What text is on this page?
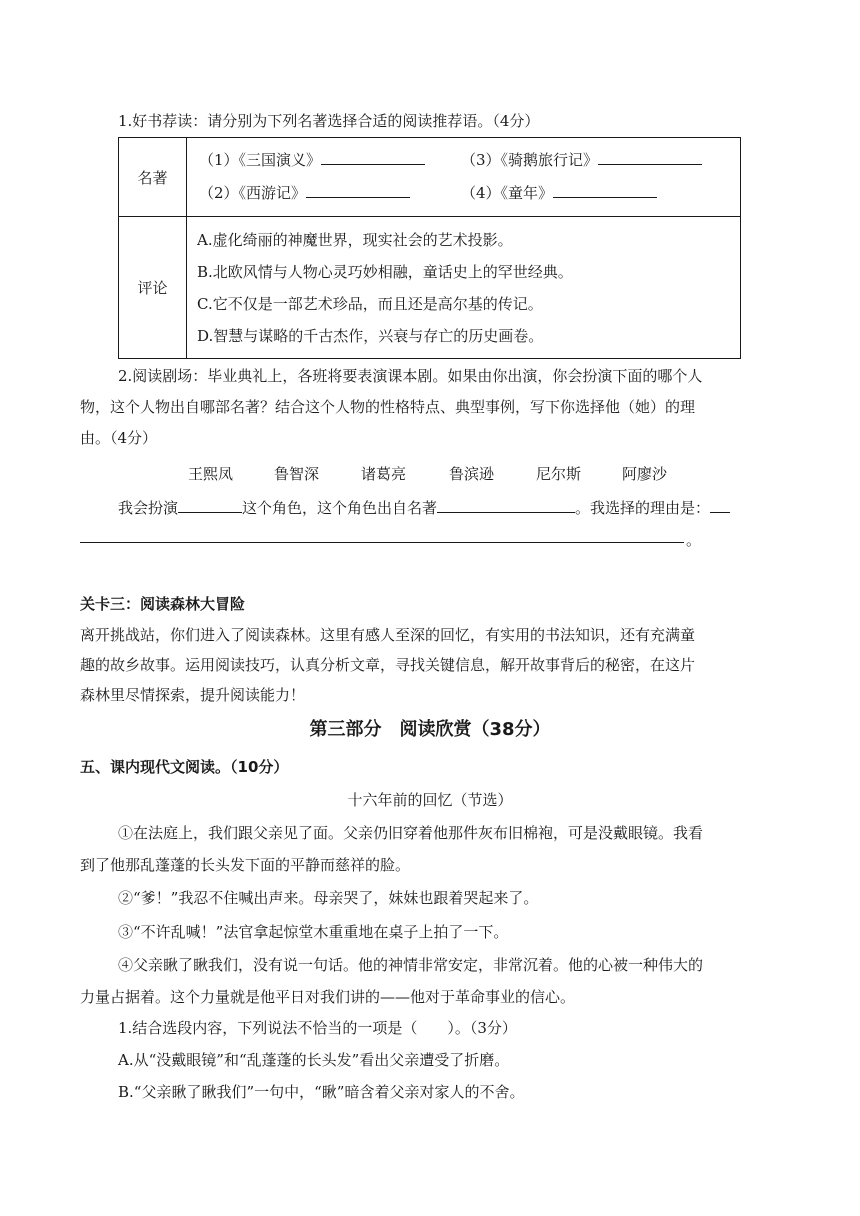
1.好书荐读：请分别为下列名著选择合适的阅读推荐语。（4分）
名著	（1）《三国演义》 （3）《骑鹅旅行记》
（2）《西游记》 （4）《童年》

评论	A.虚化绮丽的神魔世界，现实社会的艺术投影。
B.北欧风情与人物心灵巧妙相融，童话史上的罕世经典。
C.它不仅是一部艺术珍品，而且还是高尔基的传记。
D.智慧与谋略的千古杰作，兴衰与存亡的历史画卷。
2.阅读剧场：毕业典礼上，各班将要表演课本剧。如果由你出演，你会扮演下面的哪个人
物，这个人物出自哪部名著？结合这个人物的性格特点、典型事例，写下你选择他（她）的理
由。（4分）
王熙凤	鲁智深	诸葛亮	鲁滨逊	尼尔斯	阿廖沙
我会扮演	这个角色，这个角色出自名著	。我选择的理由是：
。
关卡三：阅读森林大冒险
离开挑战站，你们进入了阅读森林。这里有感人至深的回忆，有实用的书法知识，还有充满童
趣的故乡故事。运用阅读技巧，认真分析文章，寻找关键信息，解开故事背后的秘密，在这片
森林里尽情探索，提升阅读能力！
第三部分　阅读欣赏（38分）
五、课内现代文阅读。（10分）
十六年前的回忆（节选）
①在法庭上，我们跟父亲见了面。父亲仍旧穿着他那件灰布旧棉袍，可是没戴眼镜。我看
到了他那乱蓬蓬的长头发下面的平静而慈祥的脸。
②“爹！”我忍不住喊出声来。母亲哭了，妹妹也跟着哭起来了。
③“不许乱喊！”法官拿起惊堂木重重地在桌子上拍了一下。
④父亲瞅了瞅我们，没有说一句话。他的神情非常安定，非常沉着。他的心被一种伟大的
力量占据着。这个力量就是他平日对我们讲的——他对于革命事业的信心。
1.结合选段内容，下列说法不恰当的一项是（　　）。（3分）
A.从“没戴眼镜”和“乱蓬蓬的长头发”看出父亲遭受了折磨。
B.“父亲瞅了瞅我们”一句中，“瞅”暗含着父亲对家人的不舍。
